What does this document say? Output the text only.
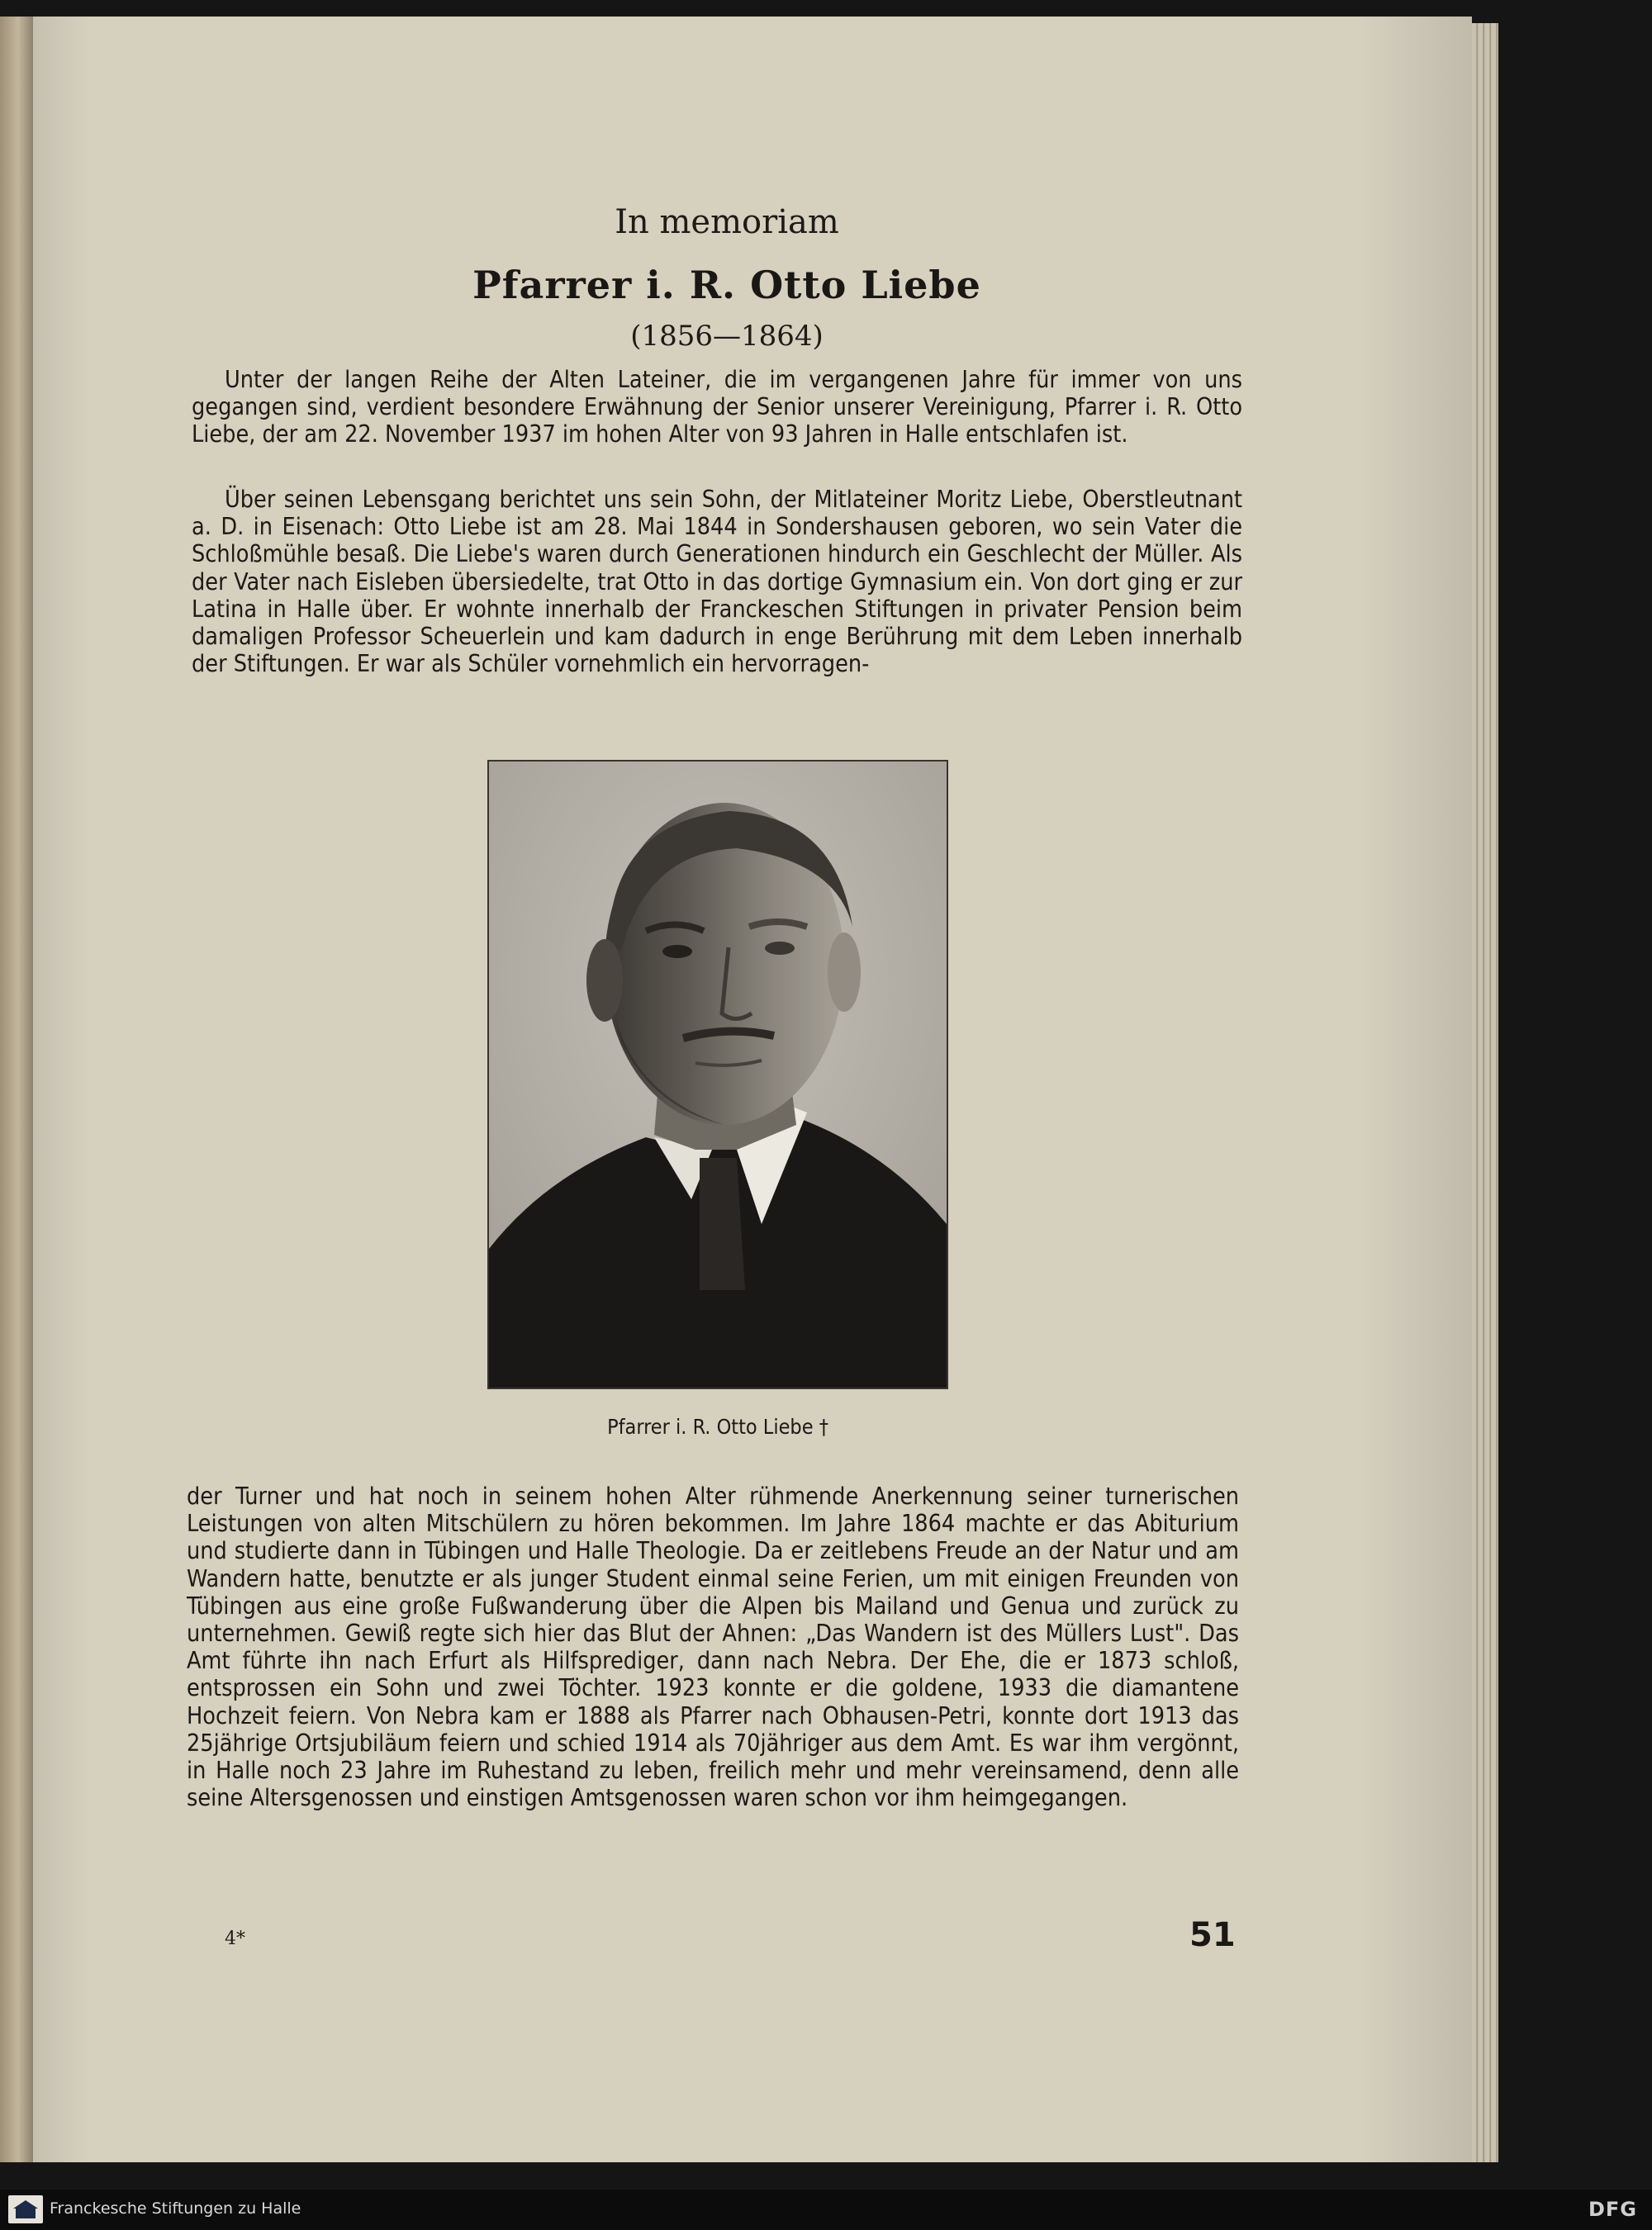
In memoriam
Pfarrer i. R. Otto Liebe
(1856—1864)

Unter der langen Reihe der Alten Lateiner, die im vergangenen Jahre für immer von uns gegangen sind, verdient besondere Erwähnung der Senior unserer Vereinigung, Pfarrer i. R. Otto Liebe, der am 22. November 1937 im hohen Alter von 93 Jahren in Halle entschlafen ist.

Über seinen Lebensgang berichtet uns sein Sohn, der Mitlateiner Moritz Liebe, Oberstleutnant a. D. in Eisenach: Otto Liebe ist am 28. Mai 1844 in Sondershausen geboren, wo sein Vater die Schloßmühle besaß. Die Liebe's waren durch Generationen hindurch ein Geschlecht der Müller. Als der Vater nach Eisleben übersiedelte, trat Otto in das dortige Gymnasium ein. Von dort ging er zur Latina in Halle über. Er wohnte innerhalb der Franckeschen Stiftungen in privater Pension beim damaligen Professor Scheuerlein und kam dadurch in enge Berührung mit dem Leben innerhalb der Stiftungen. Er war als Schüler vornehmlich ein hervorragen-

Pfarrer i. R. Otto Liebe †

der Turner und hat noch in seinem hohen Alter rühmende Anerkennung seiner turnerischen Leistungen von alten Mitschülern zu hören bekommen. Im Jahre 1864 machte er das Abiturium und studierte dann in Tübingen und Halle Theologie. Da er zeitlebens Freude an der Natur und am Wandern hatte, benutzte er als junger Student einmal seine Ferien, um mit einigen Freunden von Tübingen aus eine große Fußwanderung über die Alpen bis Mailand und Genua und zurück zu unternehmen. Gewiß regte sich hier das Blut der Ahnen: „Das Wandern ist des Müllers Lust". Das Amt führte ihn nach Erfurt als Hilfsprediger, dann nach Nebra. Der Ehe, die er 1873 schloß, entsprossen ein Sohn und zwei Töchter. 1923 konnte er die goldene, 1933 die diamantene Hochzeit feiern. Von Nebra kam er 1888 als Pfarrer nach Obhausen-Petri, konnte dort 1913 das 25jährige Ortsjubiläum feiern und schied 1914 als 70jähriger aus dem Amt. Es war ihm vergönnt, in Halle noch 23 Jahre im Ruhestand zu leben, freilich mehr und mehr vereinsamend, denn alle seine Altersgenossen und einstigen Amtsgenossen waren schon vor ihm heimgegangen.

4*	51
Franckesche Stiftungen zu Halle	DFG
